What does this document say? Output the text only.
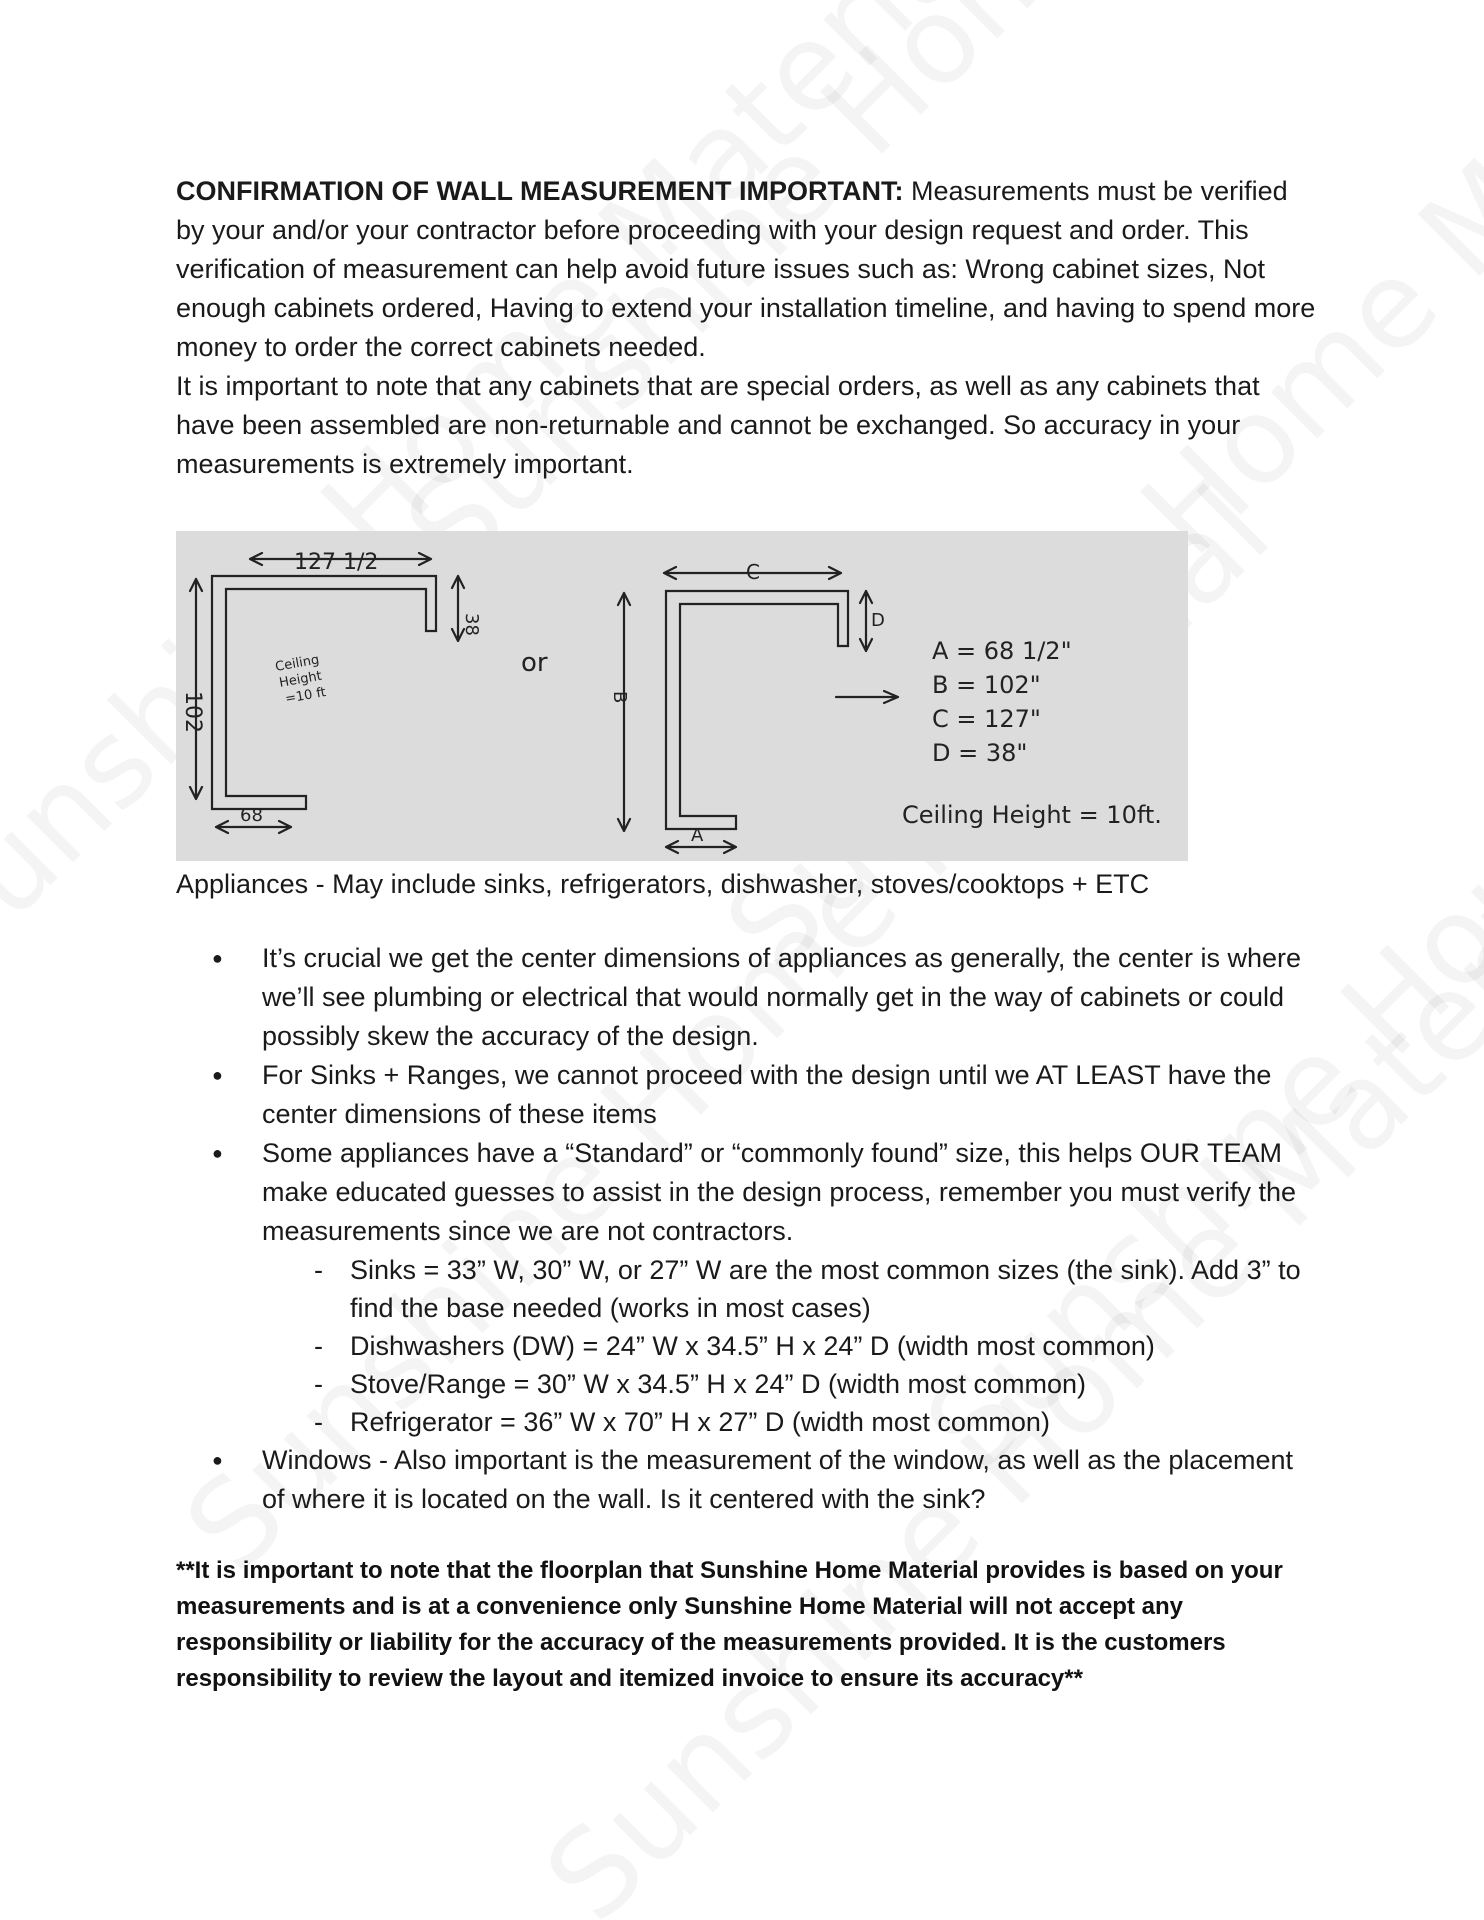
CONFIRMATION OF WALL MEASUREMENT IMPORTANT: Measurements must be verified by your and/or your contractor before proceeding with your design request and order. This verification of measurement can help avoid future issues such as: Wrong cabinet sizes, Not enough cabinets ordered, Having to extend your installation timeline, and having to spend more money to order the correct cabinets needed.

It is important to note that any cabinets that are special orders, as well as any cabinets that have been assembled are non-returnable and cannot be exchanged. So accuracy in your measurements is extremely important.

127 1/2
38
102
68
Ceiling
Height
=10 ft
or
C
D
B
A
A = 68 1/2"
B = 102"
C = 127"
D = 38"
Ceiling Height = 10ft.

Appliances - May include sinks, refrigerators, dishwasher, stoves/cooktops + ETC

● It’s crucial we get the center dimensions of appliances as generally, the center is where we’ll see plumbing or electrical that would normally get in the way of cabinets or could possibly skew the accuracy of the design.
● For Sinks + Ranges, we cannot proceed with the design until we AT LEAST have the center dimensions of these items
● Some appliances have a “Standard” or “commonly found” size, this helps OUR TEAM make educated guesses to assist in the design process, remember you must verify the measurements since we are not contractors.
- Sinks = 33” W, 30” W, or 27” W are the most common sizes (the sink). Add 3” to find the base needed (works in most cases)
- Dishwashers (DW) = 24” W x 34.5” H x 24” D (width most common)
- Stove/Range = 30” W x 34.5” H x 24” D (width most common)
- Refrigerator = 36” W x 70” H x 27” D (width most common)
● Windows - Also important is the measurement of the window, as well as the placement of where it is located on the wall. Is it centered with the sink?

**It is important to note that the floorplan that Sunshine Home Material provides is based on your measurements and is at a convenience only Sunshine Home Material will not accept any responsibility or liability for the accuracy of the measurements provided. It is the customers responsibility to review the layout and itemized invoice to ensure its accuracy**
